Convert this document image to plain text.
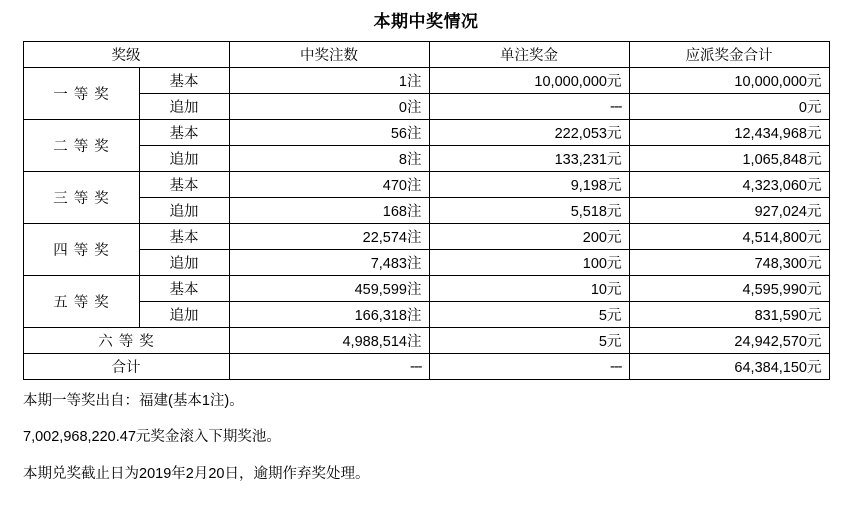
本期中奖情况
奖级		中奖注数	单注奖金	应派奖金合计
一等奖	基本	1注	10,000,000元	10,000,000元
	追加	0注	---	0元
二等奖	基本	56注	222,053元	12,434,968元
	追加	8注	133,231元	1,065,848元
三等奖	基本	470注	9,198元	4,323,060元
	追加	168注	5,518元	927,024元
四等奖	基本	22,574注	200元	4,514,800元
	追加	7,483注	100元	748,300元
五等奖	基本	459,599注	10元	4,595,990元
	追加	166,318注	5元	831,590元
六等奖		4,988,514注	5元	24,942,570元
合计		---	---	64,384,150元

本期一等奖出自：福建(基本1注)。

7,002,968,220.47元奖金滚入下期奖池。

本期兑奖截止日为2019年2月20日，逾期作弃奖处理。
